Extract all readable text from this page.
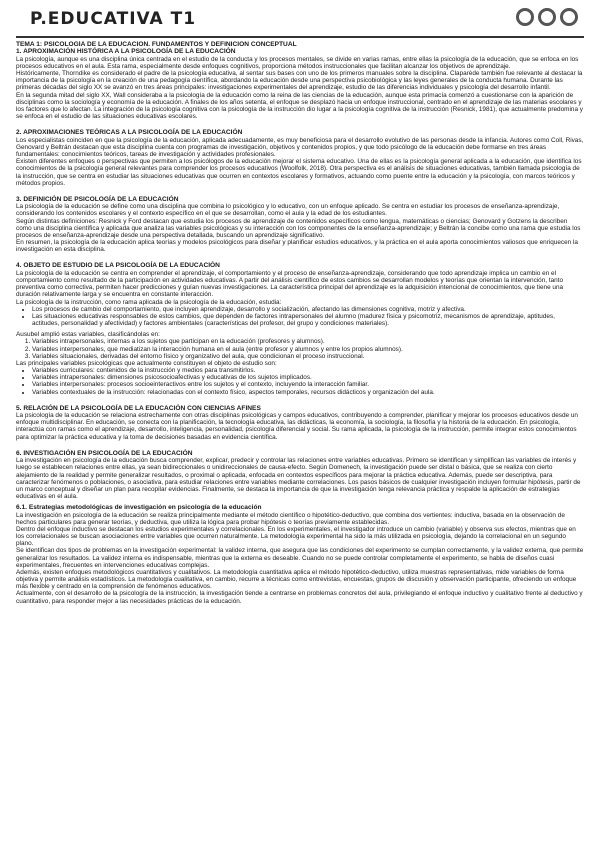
P.EDUCATIVA T1

TEMA 1: PSICOLOGÍA DE LA EDUCACIÓN. FUNDAMENTOS Y DEFINICIÓN CONCEPTUAL

1. APROXIMACIÓN HISTÓRICA A LA PSICOLOGÍA DE LA EDUCACIÓN

La psicología, aunque es una disciplina única centrada en el estudio de la conducta y los procesos mentales, se divide en varias ramas, entre ellas la psicología de la educación, que se enfoca en los procesos educativos en el aula. Esta rama, especialmente desde enfoques cognitivos, proporciona métodos instruccionales que facilitan alcanzar los objetivos de aprendizaje.

Históricamente, Thorndike es considerado el padre de la psicología educativa, al sentar sus bases con uno de los primeros manuales sobre la disciplina. Claparède también fue relevante al destacar la importancia de la psicología en la creación de una pedagogía científica, abordando la educación desde una perspectiva psicobiológica y las leyes generales de la conducta humana. Durante las primeras décadas del siglo XX se avanzó en tres áreas principales: investigaciones experimentales del aprendizaje, estudio de las diferencias individuales y psicología del desarrollo infantil.

En la segunda mitad del siglo XX, Wall consideraba a la psicología de la educación como la reina de las ciencias de la educación, aunque esta primacía comenzó a cuestionarse con la aparición de disciplinas como la sociología y economía de la educación. A finales de los años setenta, el enfoque se desplazó hacia un enfoque instruccional, centrado en el aprendizaje de las materias escolares y los factores que lo afectan. La integración de la psicología cognitiva con la psicología de la instrucción dio lugar a la psicología cognitiva de la instrucción (Resnick, 1981), que actualmente predomina y se enfoca en el estudio de las situaciones educativas escolares.

2. APROXIMACIONES TEÓRICAS A LA PSICOLOGÍA DE LA EDUCACIÓN

Los especialistas coinciden en que la psicología de la educación, aplicada adecuadamente, es muy beneficiosa para el desarrollo evolutivo de las personas desde la infancia. Autores como Coll, Rivas, Genovard y Beltrán destacan que esta disciplina cuenta con programas de investigación, objetivos y contenidos propios, y que todo psicólogo de la educación debe formarse en tres áreas fundamentales: conocimientos teóricos, tareas de investigación y actividades profesionales.

Existen diferentes enfoques o perspectivas que permiten a los psicólogos de la educación mejorar el sistema educativo. Una de ellas es la psicología general aplicada a la educación, que identifica los conocimientos de la psicología general relevantes para comprender los procesos educativos (Woolfolk, 2018). Otra perspectiva es el análisis de situaciones educativas, también llamada psicología de la instrucción, que se centra en estudiar las situaciones educativas que ocurren en contextos escolares y formativos, actuando como puente entre la educación y la psicología, con marcos teóricos y métodos propios.

3. DEFINICIÓN DE PSICOLOGÍA DE LA EDUCACIÓN

La psicología de la educación se define como una disciplina que combina lo psicológico y lo educativo, con un enfoque aplicado. Se centra en estudiar los procesos de enseñanza-aprendizaje, considerando los contenidos escolares y el contexto específico en el que se desarrollan, como el aula y la edad de los estudiantes.

Según distintas definiciones: Resnick y Ford destacan que estudia los procesos de aprendizaje de contenidos específicos como lengua, matemáticas o ciencias; Genovard y Gotzens la describen como una disciplina científica y aplicada que analiza las variables psicológicas y su interacción con los componentes de la enseñanza-aprendizaje; y Beltrán la concibe como una rama que estudia los procesos de enseñanza-aprendizaje desde una perspectiva detallada, buscando un aprendizaje significativo.

En resumen, la psicología de la educación aplica teorías y modelos psicológicos para diseñar y planificar estudios educativos, y la práctica en el aula aporta conocimientos valiosos que enriquecen la investigación en esta disciplina.

4. OBJETO DE ESTUDIO DE LA PSICOLOGÍA DE LA EDUCACIÓN

La psicología de la educación se centra en comprender el aprendizaje, el comportamiento y el proceso de enseñanza-aprendizaje, considerando que todo aprendizaje implica un cambio en el comportamiento como resultado de la participación en actividades educativas. A partir del análisis científico de estos cambios se desarrollan modelos y teorías que orientan la intervención, tanto preventiva como correctiva, permiten hacer predicciones y guían nuevas investigaciones. La característica principal del aprendizaje es la adquisición intencional de conocimientos, que tiene una duración relativamente larga y se encuentra en constante interacción.

La psicología de la instrucción, como rama aplicada de la psicología de la educación, estudia:

• Los procesos de cambio del comportamiento, que incluyen aprendizaje, desarrollo y socialización, afectando las dimensiones cognitiva, motriz y afectiva.
• Las situaciones educativas responsables de estos cambios, que dependen de factores intrapersonales del alumno (madurez física y psicomotriz, mecanismos de aprendizaje, aptitudes, actitudes, personalidad y afectividad) y factores ambientales (características del profesor, del grupo y condiciones materiales).

Ausubel amplió estas variables, clasificándolas en:

1. Variables intrapersonales, internas a los sujetos que participan en la educación (profesores y alumnos).
2. Variables interpersonales, que mediatizan la interacción humana en el aula (entre profesor y alumnos y entre los propios alumnos).
3. Variables situacionales, derivadas del entorno físico y organizativo del aula, que condicionan el proceso instruccional.

Las principales variables psicológicas que actualmente constituyen el objeto de estudio son:

• Variables curriculares: contenidos de la instrucción y medios para transmitirlos.
• Variables intrapersonales: dimensiones psicosocioafectivas y educativas de los sujetos implicados.
• Variables interpersonales: procesos socioeinteractivos entre los sujetos y el contexto, incluyendo la interacción familiar.
• Variables contextuales de la instrucción: relacionadas con el contexto físico, aspectos temporales, recursos didácticos y organización del aula.

5. RELACIÓN DE LA PSICOLOGÍA DE LA EDUCACIÓN CON CIENCIAS AFINES

La psicología de la educación se relaciona estrechamente con otras disciplinas psicológicas y campos educativos, contribuyendo a comprender, planificar y mejorar los procesos educativos desde un enfoque multidisciplinar. En educación, se conecta con la planificación, la tecnología educativa, las didácticas, la economía, la sociología, la filosofía y la historia de la educación. En psicología, interactúa con ramas como el aprendizaje, desarrollo, inteligencia, personalidad, psicología diferencial y social. Su rama aplicada, la psicología de la instrucción, permite integrar estos conocimientos para optimizar la práctica educativa y la toma de decisiones basadas en evidencia científica.

6. INVESTIGACIÓN EN PSICOLOGÍA DE LA EDUCACIÓN

La investigación en psicología de la educación busca comprender, explicar, predecir y controlar las relaciones entre variables educativas. Primero se identifican y simplifican las variables de interés y luego se establecen relaciones entre ellas, ya sean bidireccionales o unidireccionales de causa-efecto. Según Domenech, la investigación puede ser distal o básica, que se realiza con cierto alejamiento de la realidad y permite generalizar resultados, o proximal o aplicada, enfocada en contextos específicos para mejorar la práctica educativa. Además, puede ser descriptiva, para caracterizar fenómenos o poblaciones, o asociativa, para estudiar relaciones entre variables mediante correlaciones. Los pasos básicos de cualquier investigación incluyen formular hipótesis, partir de un marco conceptual y diseñar un plan para recopilar evidencias. Finalmente, se destaca la importancia de que la investigación tenga relevancia práctica y respalde la aplicación de estrategias educativas en el aula.

6.1. Estrategias metodológicas de investigación en psicología de la educación

La investigación en psicología de la educación se realiza principalmente mediante el método científico o hipotético-deductivo, que combina dos vertientes: inductiva, basada en la observación de hechos particulares para generar teorías, y deductiva, que utiliza la lógica para probar hipótesis o teorías previamente establecidas.

Dentro del enfoque inductivo se destacan los estudios experimentales y correlacionales. En los experimentales, el investigador introduce un cambio (variable) y observa sus efectos, mientras que en los correlacionales se buscan asociaciones entre variables que ocurren naturalmente. La metodología experimental ha sido la más utilizada en psicología, dejando la correlacional en un segundo plano.

Se identifican dos tipos de problemas en la investigación experimental: la validez interna, que asegura que las condiciones del experimento se cumplan correctamente, y la validez externa, que permite generalizar los resultados. La validez interna es indispensable, mientras que la externa es deseable. Cuando no se puede controlar completamente el experimento, se habla de diseños cuasi experimentales, frecuentes en intervenciones educativas complejas.

Además, existen enfoques metodológicos cuantitativos y cualitativos. La metodología cuantitativa aplica el método hipotético-deductivo, utiliza muestras representativas, mide variables de forma objetiva y permite análisis estadísticos. La metodología cualitativa, en cambio, recurre a técnicas como entrevistas, encuestas, grupos de discusión y observación participante, ofreciendo un enfoque más flexible y centrado en la comprensión de fenómenos educativos.

Actualmente, con el desarrollo de la psicología de la instrucción, la investigación tiende a centrarse en problemas concretos del aula, privilegiando el enfoque inductivo y cualitativo frente al deductivo y cuantitativo, para responder mejor a las necesidades prácticas de la educación.
